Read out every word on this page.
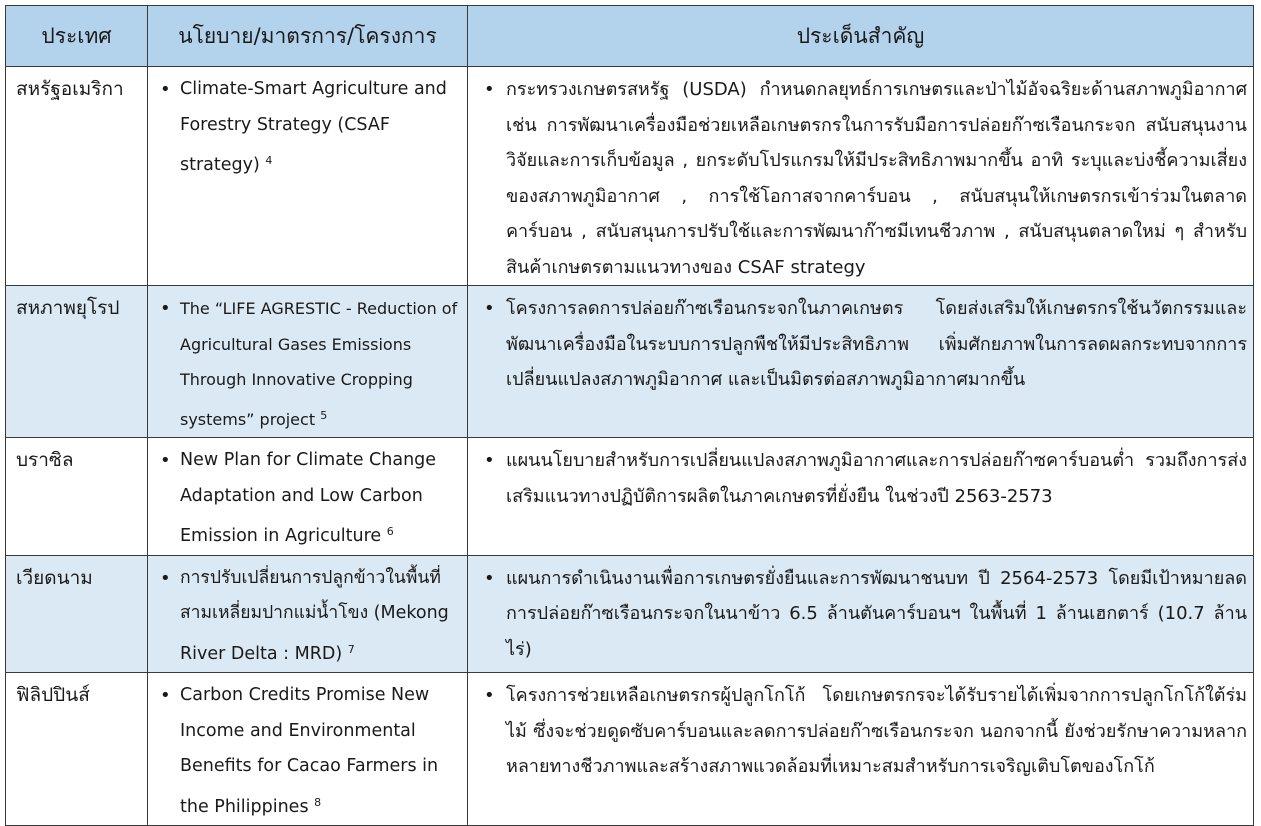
ประเทศ	นโยบาย/มาตรการ/โครงการ	ประเด็นสำคัญ
สหรัฐอเมริกา	• Climate-Smart Agriculture and Forestry Strategy (CSAF strategy) $^4$	• กระทรวงเกษตรสหรัฐ (USDA) กำหนดกลยุทธ์การเกษตรและป่าไม้อัจฉริยะด้านสภาพภูมิอากาศ เช่น การพัฒนาเครื่องมือช่วยเหลือเกษตรกรในการรับมือการปล่อยก๊าซเรือนกระจก สนับสนุนงานวิจัยและการเก็บข้อมูล , ยกระดับโปรแกรมให้มีประสิทธิภาพมากขึ้น อาทิ ระบุและบ่งชี้ความเสี่ยงของสภาพภูมิอากาศ , การใช้โอกาสจากคาร์บอน , สนับสนุนให้เกษตรกรเข้าร่วมในตลาดคาร์บอน , สนับสนุนการปรับใช้และการพัฒนาก๊าซมีเทนชีวภาพ , สนับสนุนตลาดใหม่ ๆ สำหรับสินค้าเกษตรตามแนวทางของ CSAF strategy

สหภาพยุโรป	• The “LIFE AGRESTIC - Reduction of Agricultural Gases Emissions Through Innovative Cropping systems” project $^5$	• โครงการลดการปล่อยก๊าซเรือนกระจกในภาคเกษตร โดยส่งเสริมให้เกษตรกรใช้นวัตกรรมและพัฒนาเครื่องมือในระบบการปลูกพืชให้มีประสิทธิภาพ เพิ่มศักยภาพในการลดผลกระทบจากการเปลี่ยนแปลงสภาพภูมิอากาศ และเป็นมิตรต่อสภาพภูมิอากาศมากขึ้น

บราซิล	• New Plan for Climate Change Adaptation and Low Carbon Emission in Agriculture $^6$	• แผนนโยบายสำหรับการเปลี่ยนแปลงสภาพภูมิอากาศและการปล่อยก๊าซคาร์บอนต่ำ รวมถึงการส่งเสริมแนวทางปฏิบัติการผลิตในภาคเกษตรที่ยั่งยืน ในช่วงปี 2563-2573

เวียดนาม	• การปรับเปลี่ยนการปลูกข้าวในพื้นที่สามเหลี่ยมปากแม่น้ำโขง (Mekong River Delta : MRD) $^7$	• แผนการดำเนินงานเพื่อการเกษตรยั่งยืนและการพัฒนาชนบท ปี 2564-2573 โดยมีเป้าหมายลดการปล่อยก๊าซเรือนกระจกในนาข้าว 6.5 ล้านตันคาร์บอนฯ ในพื้นที่ 1 ล้านเฮกตาร์ (10.7 ล้านไร่)

ฟิลิปปินส์	• Carbon Credits Promise New Income and Environmental Benefits for Cacao Farmers in the Philippines $^8$	• โครงการช่วยเหลือเกษตรกรผู้ปลูกโกโก้ โดยเกษตรกรจะได้รับรายได้เพิ่มจากการปลูกโกโก้ใต้ร่มไม้ ซึ่งจะช่วยดูดซับคาร์บอนและลดการปล่อยก๊าซเรือนกระจก นอกจากนี้ ยังช่วยรักษาความหลากหลายทางชีวภาพและสร้างสภาพแวดล้อมที่เหมาะสมสำหรับการเจริญเติบโตของโกโก้
